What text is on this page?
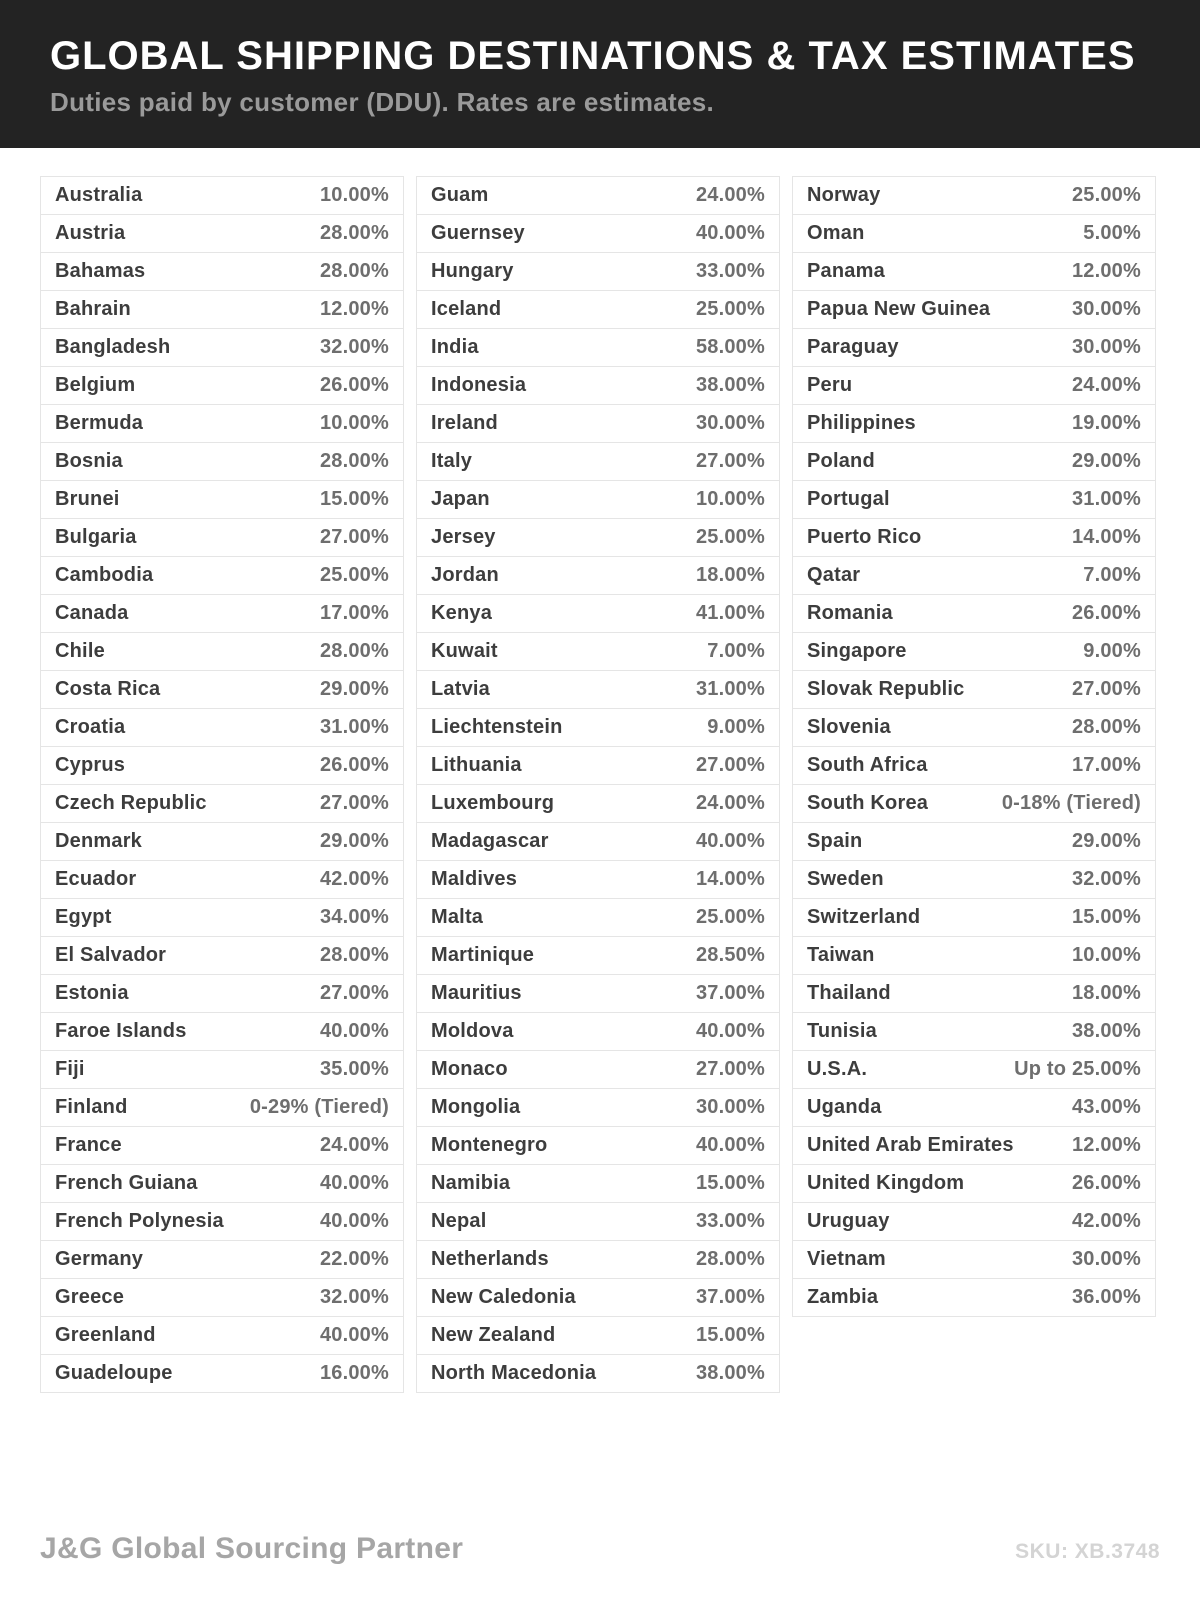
GLOBAL SHIPPING DESTINATIONS & TAX ESTIMATES

Duties paid by customer (DDU). Rates are estimates.

Australia	10.00%
Austria	28.00%
Bahamas	28.00%
Bahrain	12.00%
Bangladesh	32.00%
Belgium	26.00%
Bermuda	10.00%
Bosnia	28.00%
Brunei	15.00%
Bulgaria	27.00%
Cambodia	25.00%
Canada	17.00%
Chile	28.00%
Costa Rica	29.00%
Croatia	31.00%
Cyprus	26.00%
Czech Republic	27.00%
Denmark	29.00%
Ecuador	42.00%
Egypt	34.00%
El Salvador	28.00%
Estonia	27.00%
Faroe Islands	40.00%
Fiji	35.00%
Finland	0-29% (Tiered)
France	24.00%
French Guiana	40.00%
French Polynesia	40.00%
Germany	22.00%
Greece	32.00%
Greenland	40.00%
Guadeloupe	16.00%
Guam	24.00%
Guernsey	40.00%
Hungary	33.00%
Iceland	25.00%
India	58.00%
Indonesia	38.00%
Ireland	30.00%
Italy	27.00%
Japan	10.00%
Jersey	25.00%
Jordan	18.00%
Kenya	41.00%
Kuwait	7.00%
Latvia	31.00%
Liechtenstein	9.00%
Lithuania	27.00%
Luxembourg	24.00%
Madagascar	40.00%
Maldives	14.00%
Malta	25.00%
Martinique	28.50%
Mauritius	37.00%
Moldova	40.00%
Monaco	27.00%
Mongolia	30.00%
Montenegro	40.00%
Namibia	15.00%
Nepal	33.00%
Netherlands	28.00%
New Caledonia	37.00%
New Zealand	15.00%
North Macedonia	38.00%
Norway	25.00%
Oman	5.00%
Panama	12.00%
Papua New Guinea	30.00%
Paraguay	30.00%
Peru	24.00%
Philippines	19.00%
Poland	29.00%
Portugal	31.00%
Puerto Rico	14.00%
Qatar	7.00%
Romania	26.00%
Singapore	9.00%
Slovak Republic	27.00%
Slovenia	28.00%
South Africa	17.00%
South Korea	0-18% (Tiered)
Spain	29.00%
Sweden	32.00%
Switzerland	15.00%
Taiwan	10.00%
Thailand	18.00%
Tunisia	38.00%
U.S.A.	Up to 25.00%
Uganda	43.00%
United Arab Emirates	12.00%
United Kingdom	26.00%
Uruguay	42.00%
Vietnam	30.00%
Zambia	36.00%
J&G Global Sourcing Partner	SKU: XB.3748
